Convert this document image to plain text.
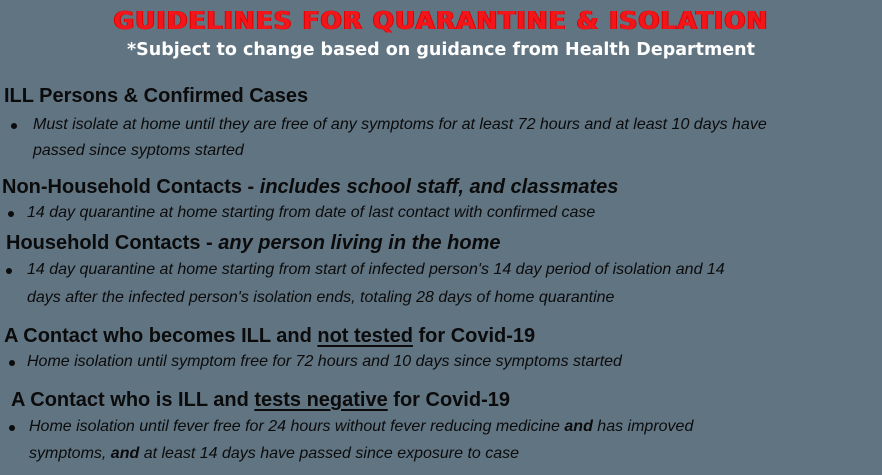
GUIDELINES FOR QUARANTINE & ISOLATION
*Subject to change based on guidance from Health Department
ILL Persons & Confirmed Cases
Must isolate at home until they are free of any symptoms for at least 72 hours and at least 10 days have
passed since syptoms started
Non-Household Contacts - includes school staff, and classmates
14 day quarantine at home starting from date of last contact with confirmed case
Household Contacts - any person living in the home
14 day quarantine at home starting from start of infected person's 14 day period of isolation and 14
days after the infected person's isolation ends, totaling 28 days of home quarantine
A Contact who becomes ILL and not tested for Covid-19
Home isolation until symptom free for 72 hours and 10 days since symptoms started
A Contact who is ILL and tests negative for Covid-19
Home isolation until fever free for 24 hours without fever reducing medicine and has improved
symptoms, and at least 14 days have passed since exposure to case
